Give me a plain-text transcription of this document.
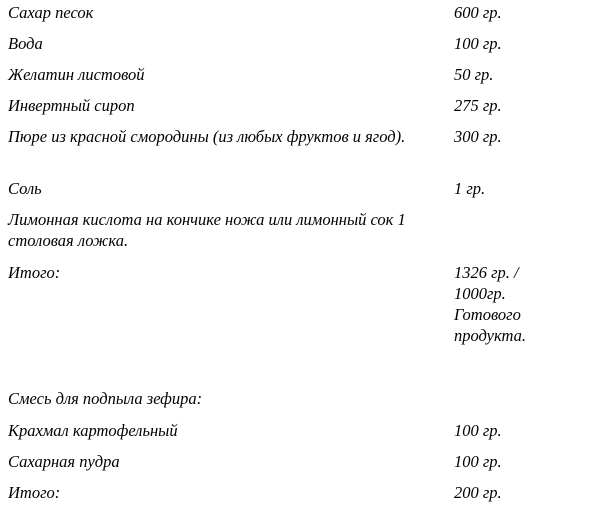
Сахар песок	600 гр.
Вода	100 гр.
Желатин листовой	50 гр.
Инвертный сироп	275 гр.
Пюре из красной смородины (из любых фруктов и ягод).	300 гр.
Соль	1 гр.
Лимонная кислота на кончике ножа или лимонный сок 1 столовая ложка.
Итого:	1326 гр. / 1000гр. Готового продукта.
Смесь для подпыла зефира:
Крахмал картофельный	100 гр.
Сахарная пудра	100 гр.
Итого:	200 гр.
